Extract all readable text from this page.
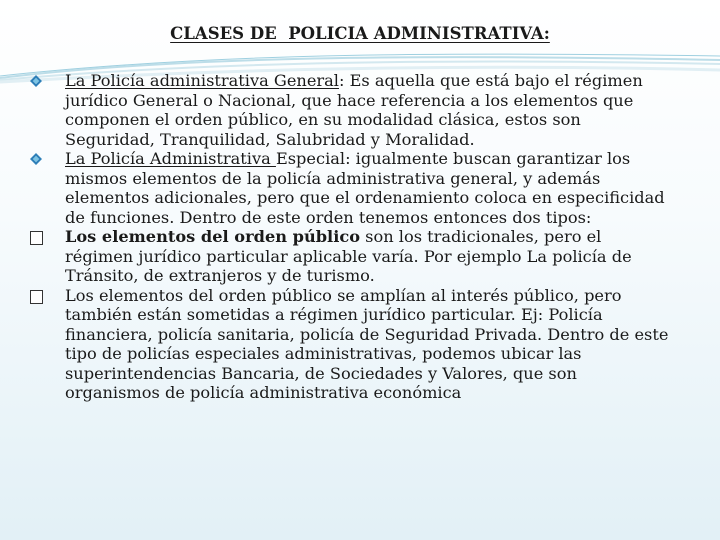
CLASES DE  POLICIA ADMINISTRATIVA:

La Policía administrativa General: Es aquella que está bajo el régimen jurídico General o Nacional, que hace referencia a los elementos que componen el orden público, en su modalidad clásica, estos son Seguridad, Tranquilidad, Salubridad y Moralidad.

La Policía Administrativa Especial: igualmente buscan garantizar los mismos elementos de la policía administrativa general, y además elementos adicionales, pero que el ordenamiento coloca en especificidad de funciones. Dentro de este orden tenemos entonces dos tipos:

Los elementos del orden público son los tradicionales, pero el régimen jurídico particular aplicable varía. Por ejemplo La policía de Tránsito, de extranjeros y de turismo.

Los elementos del orden público se amplían al interés público, pero también están sometidas a régimen jurídico particular. Ej: Policía financiera, policía sanitaria, policía de Seguridad Privada. Dentro de este tipo de policías especiales administrativas, podemos ubicar las superintendencias Bancaria, de Sociedades y Valores, que son organismos de policía administrativa económica
